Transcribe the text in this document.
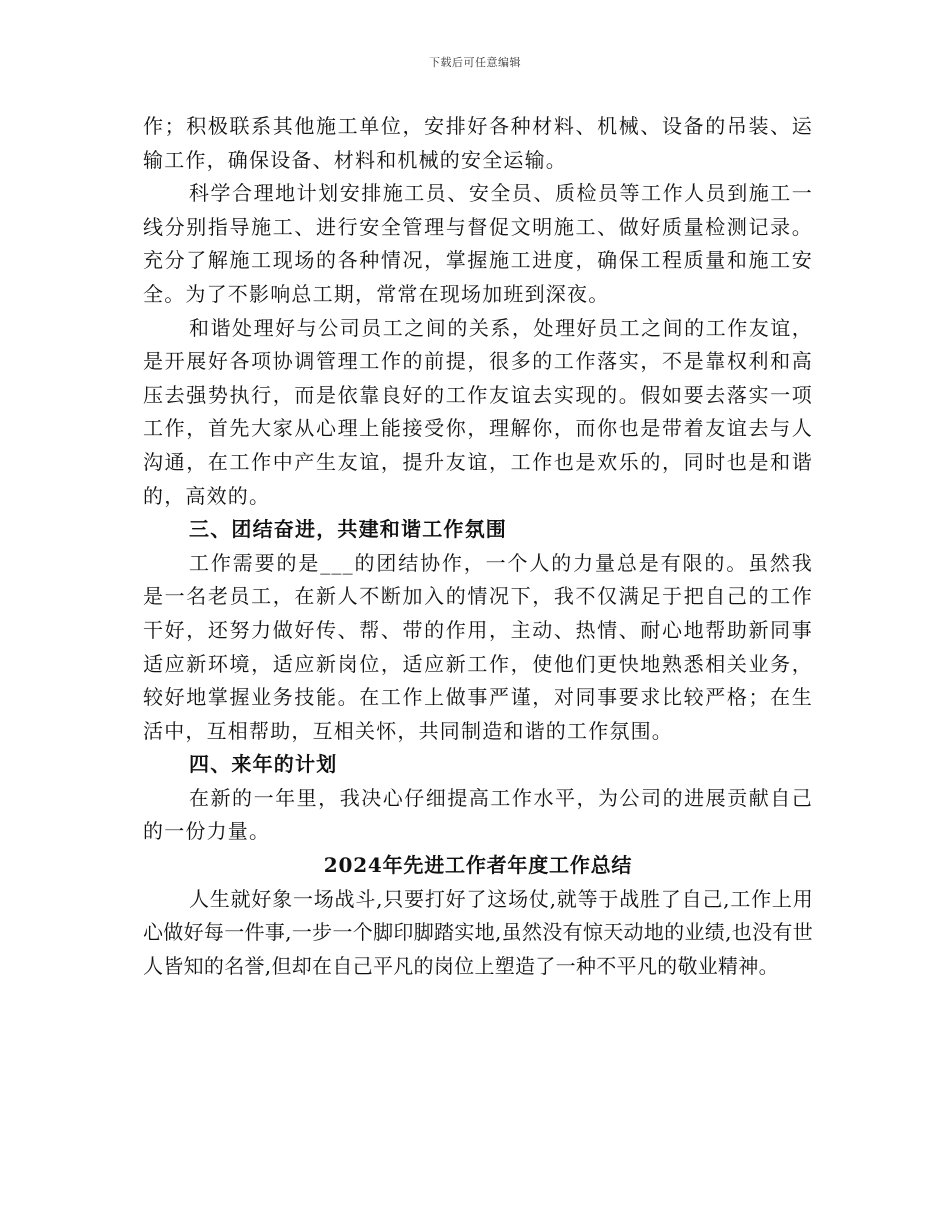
下载后可任意编辑

作；积极联系其他施工单位，安排好各种材料、机械、设备的吊装、运输工作，确保设备、材料和机械的安全运输。

科学合理地计划安排施工员、安全员、质检员等工作人员到施工一线分别指导施工、进行安全管理与督促文明施工、做好质量检测记录。充分了解施工现场的各种情况，掌握施工进度，确保工程质量和施工安全。为了不影响总工期，常常在现场加班到深夜。

和谐处理好与公司员工之间的关系，处理好员工之间的工作友谊，是开展好各项协调管理工作的前提，很多的工作落实，不是靠权利和高压去强势执行，而是依靠良好的工作友谊去实现的。假如要去落实一项工作，首先大家从心理上能接受你，理解你，而你也是带着友谊去与人沟通，在工作中产生友谊，提升友谊，工作也是欢乐的，同时也是和谐的，高效的。

三、团结奋进，共建和谐工作氛围

工作需要的是___的团结协作，一个人的力量总是有限的。虽然我是一名老员工，在新人不断加入的情况下，我不仅满足于把自己的工作干好，还努力做好传、帮、带的作用，主动、热情、耐心地帮助新同事适应新环境，适应新岗位，适应新工作，使他们更快地熟悉相关业务，较好地掌握业务技能。在工作上做事严谨，对同事要求比较严格；在生活中，互相帮助，互相关怀，共同制造和谐的工作氛围。

四、来年的计划

在新的一年里，我决心仔细提高工作水平，为公司的进展贡献自己的一份力量。

2024年先进工作者年度工作总结

人生就好象一场战斗,只要打好了这场仗,就等于战胜了自己,工作上用心做好每一件事,一步一个脚印脚踏实地,虽然没有惊天动地的业绩,也没有世人皆知的名誉,但却在自己平凡的岗位上塑造了一种不平凡的敬业精神。
